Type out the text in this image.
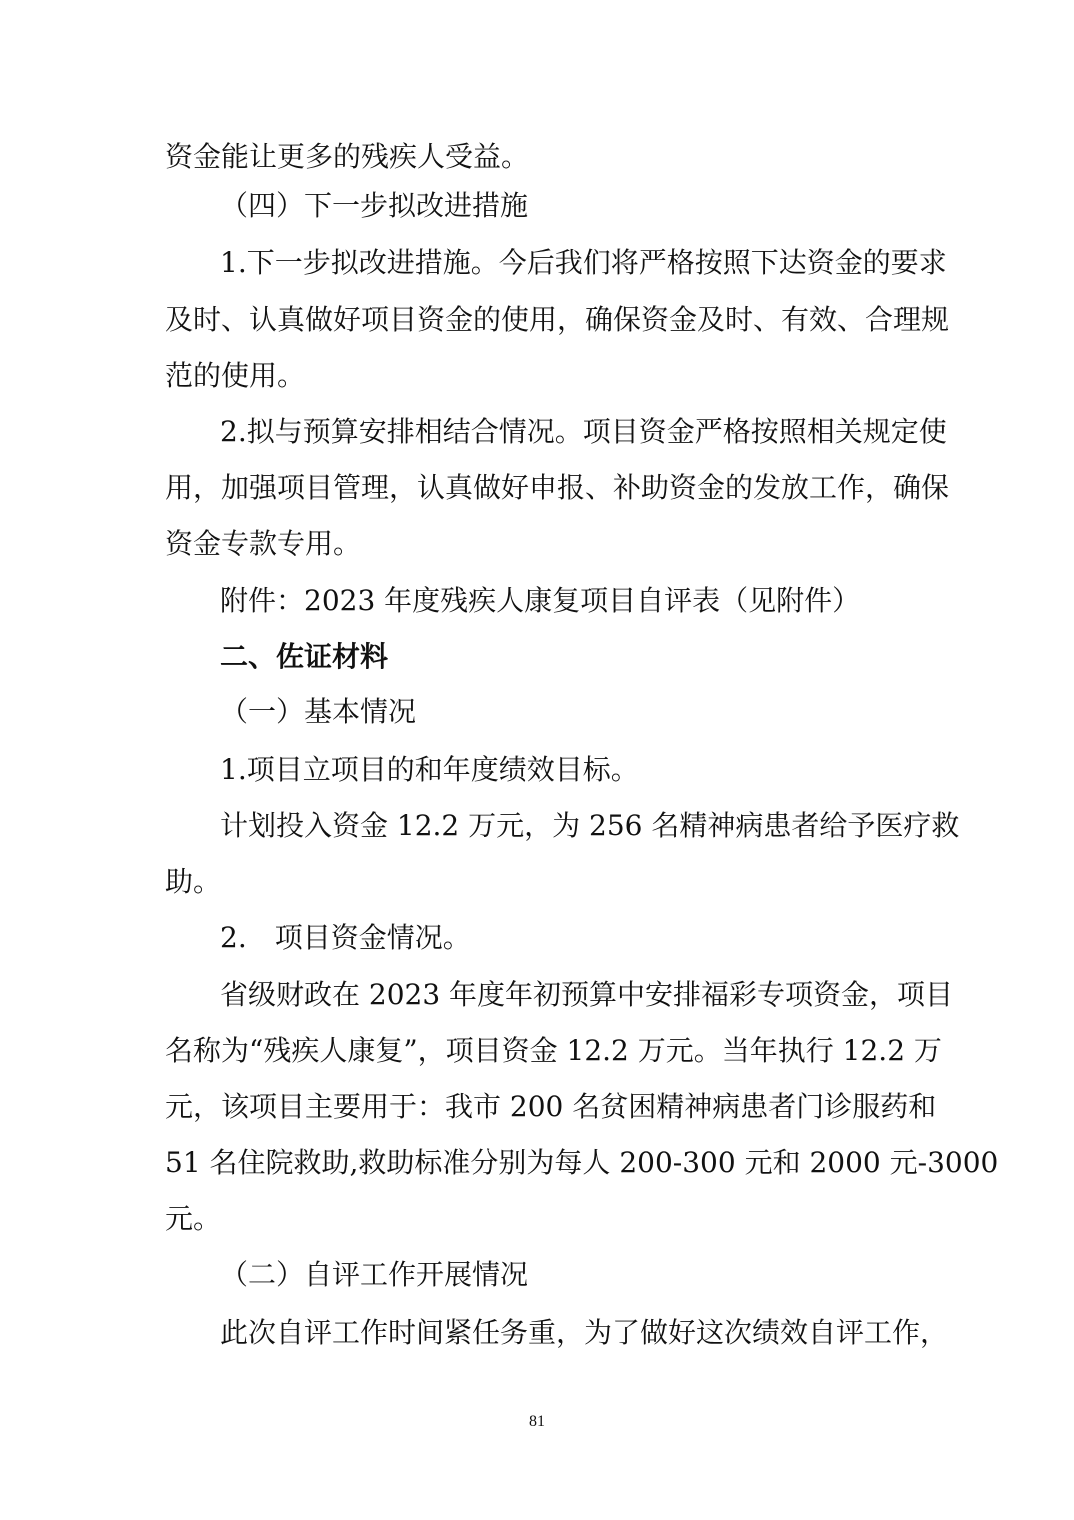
资金能让更多的残疾人受益。
（四）下一步拟改进措施
1.下一步拟改进措施。今后我们将严格按照下达资金的要求
及时、认真做好项目资金的使用，确保资金及时、有效、合理规
范的使用。
2.拟与预算安排相结合情况。项目资金严格按照相关规定使
用，加强项目管理，认真做好申报、补助资金的发放工作，确保
资金专款专用。
附件：2023 年度残疾人康复项目自评表（见附件）
二、佐证材料
（一）基本情况
1.项目立项目的和年度绩效目标。
计划投入资金 12.2 万元，为 256 名精神病患者给予医疗救
助。
2.　项目资金情况。
省级财政在 2023 年度年初预算中安排福彩专项资金，项目
名称为“残疾人康复”，项目资金 12.2 万元。当年执行 12.2 万
元，该项目主要用于：我市 200 名贫困精神病患者门诊服药和
51 名住院救助,救助标准分别为每人 200-300 元和 2000 元-3000
元。
（二）自评工作开展情况
此次自评工作时间紧任务重，为了做好这次绩效自评工作，
81
